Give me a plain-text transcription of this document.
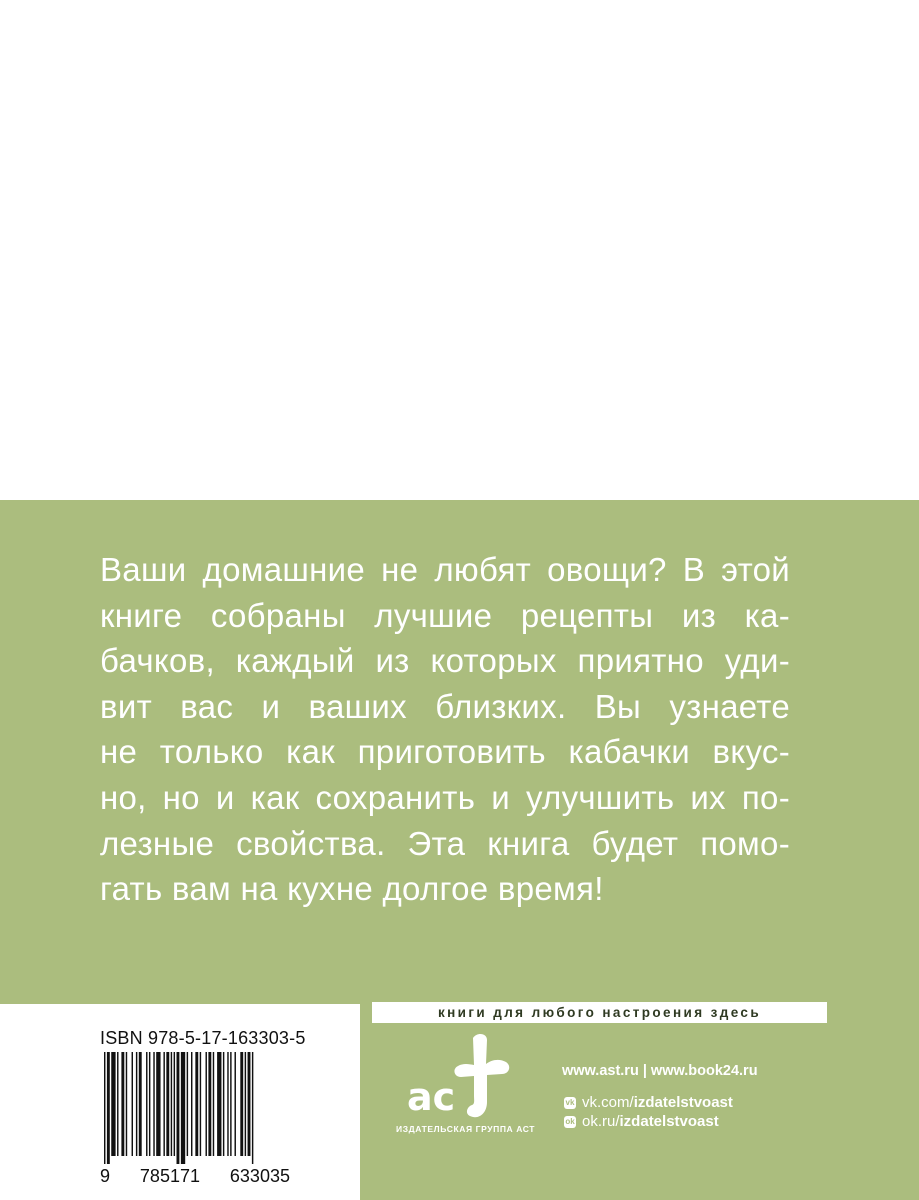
Ваши домашние не любят овощи? В этой
книге собраны лучшие рецепты из ка-
бачков, каждый из которых приятно уди-
вит вас и ваших близких. Вы узнаете
не только как приготовить кабачки вкус-
но, но и как сохранить и улучшить их по-
лезные свойства. Эта книга будет помо-
гать вам на кухне долгое время!
ISBN 978-5-17-163303-5
9 785171 633035
книги для любого настроения здесь
ас
ИЗДАТЕЛЬСКАЯ ГРУППА АСТ
www.ast.ru | www.book24.ru
vk vk.com/izdatelstvoast
ok ok.ru/izdatelstvoast
